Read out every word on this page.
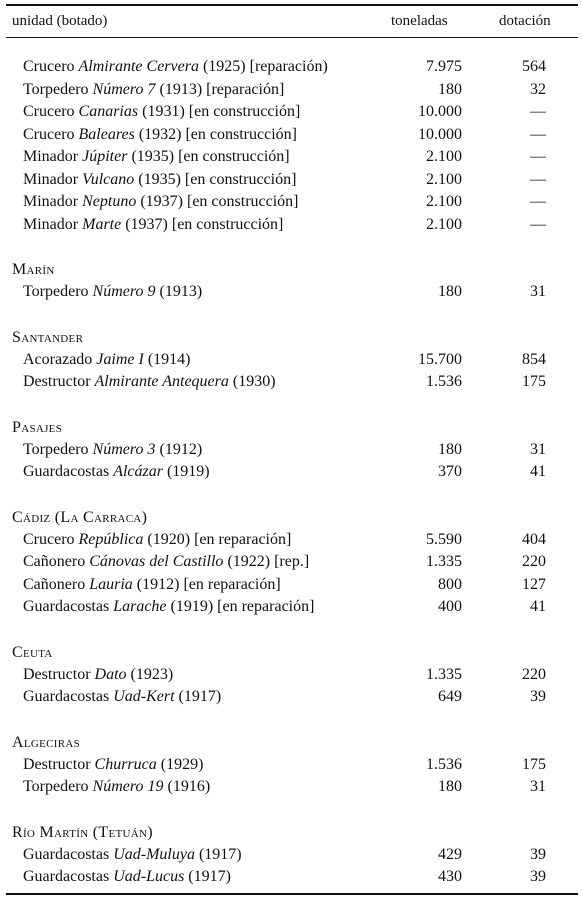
unidad (botado)	toneladas	dotación
Crucero Almirante Cervera (1925) [reparación)	7.975	564
Torpedero Número 7 (1913) [reparación]	180	32
Crucero Canarias (1931) [en construcción]	10.000	—
Crucero Baleares (1932) [en construcción]	10.000	—
Minador Júpiter (1935) [en construcción]	2.100	—
Minador Vulcano (1935) [en construcción]	2.100	—
Minador Neptuno (1937) [en construcción]	2.100	—
Minador Marte (1937) [en construcción]	2.100	—
Marín
Torpedero Número 9 (1913)	180	31
Santander
Acorazado Jaime I (1914)	15.700	854
Destructor Almirante Antequera (1930)	1.536	175
Pasajes
Torpedero Número 3 (1912)	180	31
Guardacostas Alcázar (1919)	370	41
Cádiz (La Carraca)
Crucero República (1920) [en reparación]	5.590	404
Cañonero Cánovas del Castillo (1922) [rep.]	1.335	220
Cañonero Lauria (1912) [en reparación]	800	127
Guardacostas Larache (1919) [en reparación]	400	41
Ceuta
Destructor Dato (1923)	1.335	220
Guardacostas Uad-Kert (1917)	649	39
Algeciras
Destructor Churruca (1929)	1.536	175
Torpedero Número 19 (1916)	180	31
Río Martín (Tetuán)
Guardacostas Uad-Muluya (1917)	429	39
Guardacostas Uad-Lucus (1917)	430	39
